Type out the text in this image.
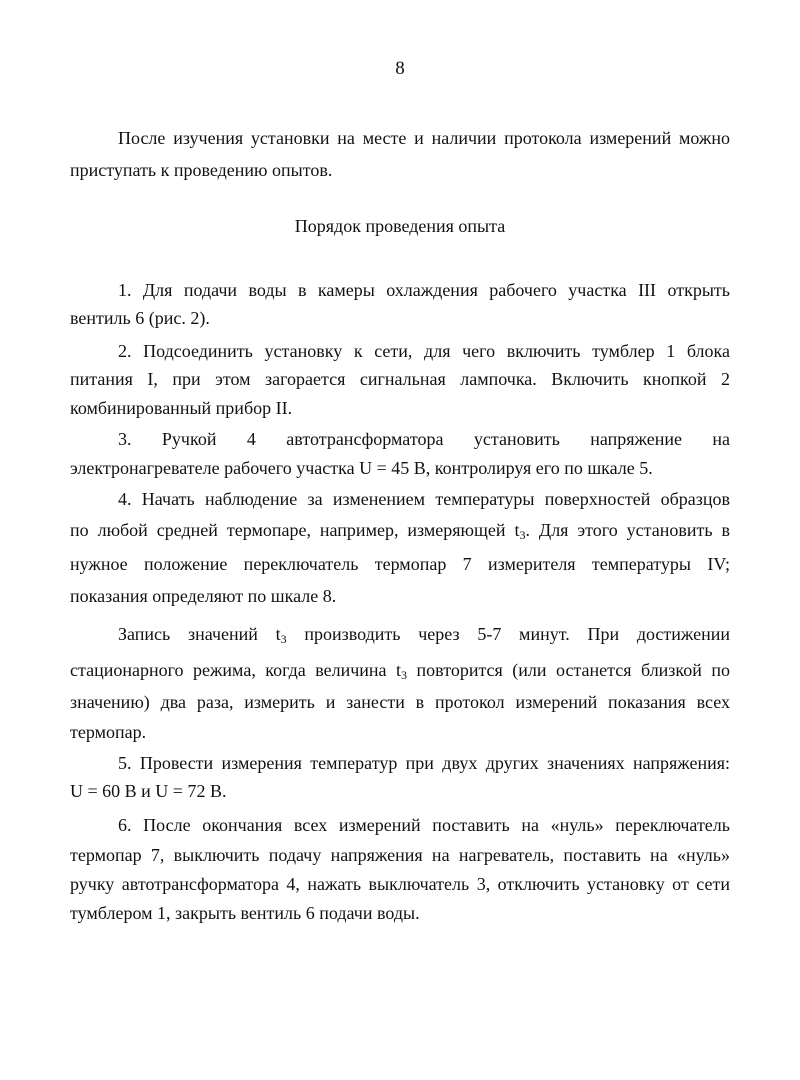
8
После изучения установки на месте и наличии протокола измерений можно
приступать к проведению опытов.
Порядок проведения опыта
1. Для подачи воды в камеры охлаждения рабочего участка III открыть
вентиль 6 (рис. 2).
2. Подсоединить установку к сети, для чего включить тумблер 1 блока
питания I, при этом загорается сигнальная лампочка. Включить кнопкой 2
комбинированный прибор II.
3. Ручкой 4 автотрансформатора установить напряжение на
электронагревателе рабочего участка U = 45 В, контролируя его по шкале 5.
4. Начать наблюдение за изменением температуры поверхностей образцов
по любой средней термопаре, например, измеряющей $t_3$. Для этого установить в
нужное положение переключатель термопар 7 измерителя температуры IV;
показания определяют по шкале 8.
Запись значений $t_3$ производить через 5-7 минут. При достижении
стационарного режима, когда величина $t_3$ повторится (или останется близкой по
значению) два раза, измерить и занести в протокол измерений показания всех
термопар.
5. Провести измерения температур при двух других значениях напряжения:
U = 60 В и U = 72 В.
6. После окончания всех измерений поставить на «нуль» переключатель
термопар 7, выключить подачу напряжения на нагреватель, поставить на «нуль»
ручку автотрансформатора 4, нажать выключатель 3, отключить установку от сети
тумблером 1, закрыть вентиль 6 подачи воды.
